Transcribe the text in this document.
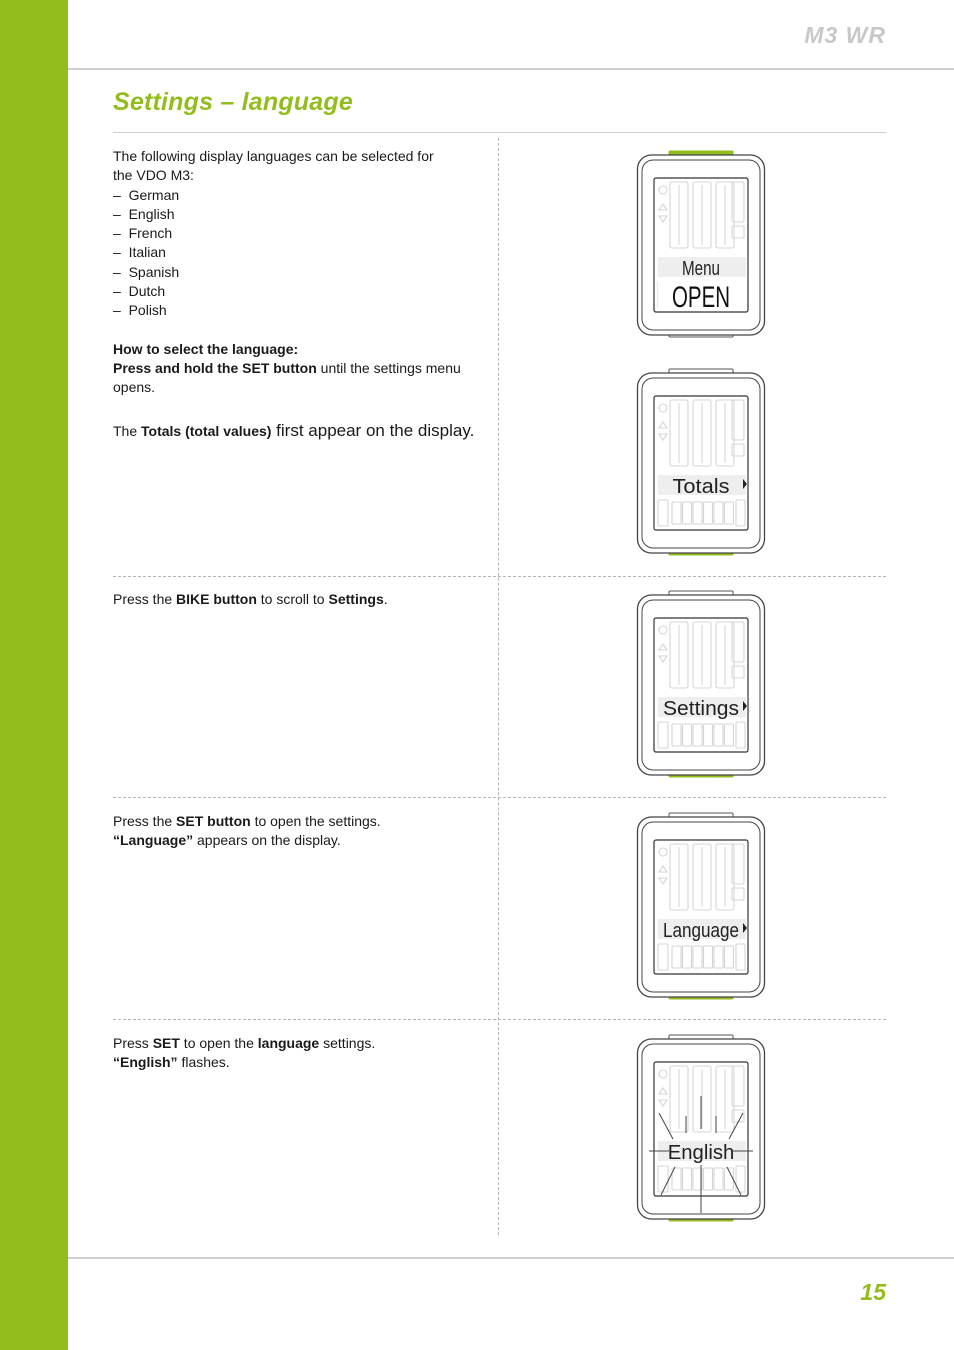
M3 WR
Settings – language
The following display languages can be selected for
the VDO M3:
–  German
–  English
–  French
–  Italian
–  Spanish
–  Dutch
–  Polish
How to select the language:
Press and hold the SET button until the settings menu
opens.
The Totals (total values) first appear on the display.
Press the BIKE button to scroll to Settings.
Press the SET button to open the settings.
“Language” appears on the display.
Press SET to open the language settings.
“English” flashes.
Menu
OPEN
Totals
Settings
Language
English
15
